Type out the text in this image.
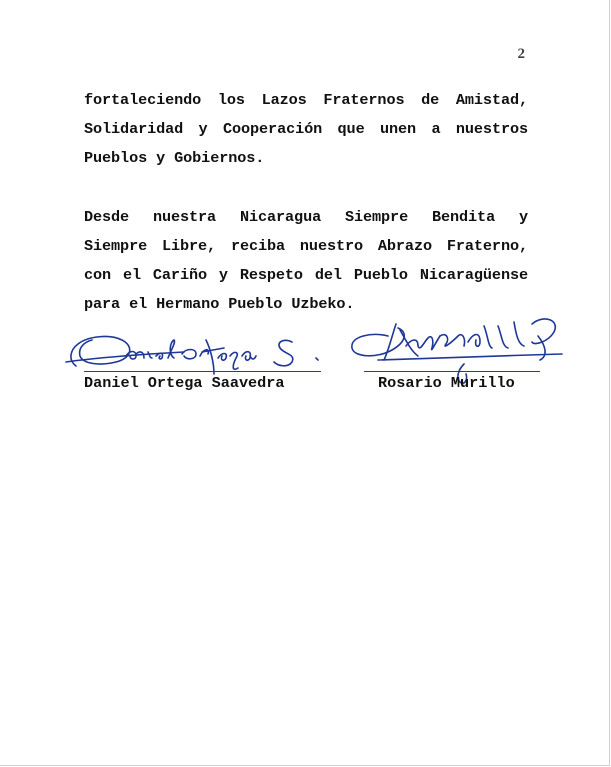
2

fortaleciendo los Lazos Fraternos de Amistad,
Solidaridad y Cooperación que unen a nuestros
Pueblos y Gobiernos.

Desde nuestra Nicaragua Siempre Bendita y
Siempre Libre, reciba nuestro Abrazo Fraterno,
con el Cariño y Respeto del Pueblo Nicaragüense
para el Hermano Pueblo Uzbeko.

Daniel Ortega Saavedra	Rosario Murillo
